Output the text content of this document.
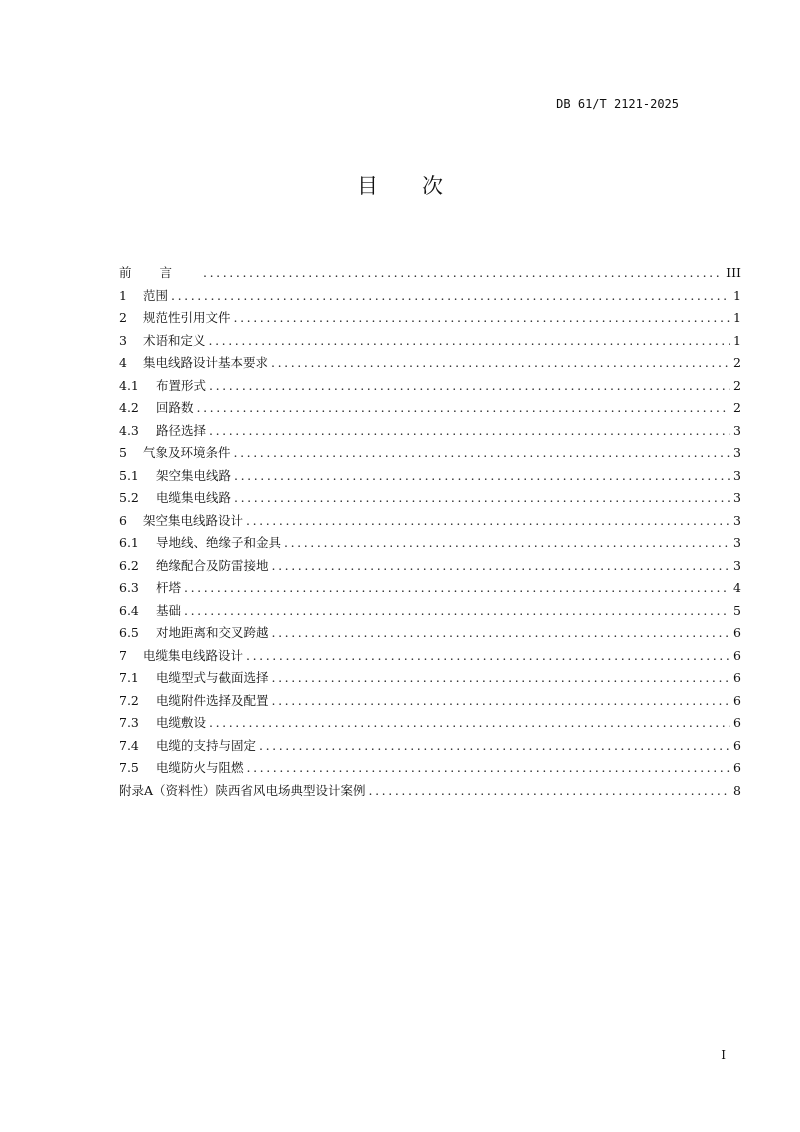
DB 61/T 2121-2025
目次
前言 .....	III
1	范围 .....	1
2	规范性引用文件 .....	1
3	术语和定义 .....	1
4	集电线路设计基本要求 .....	2
4.1	布置形式 .....	2
4.2	回路数 .....	2
4.3	路径选择 .....	3
5	气象及环境条件 .....	3
5.1	架空集电线路 .....	3
5.2	电缆集电线路 .....	3
6	架空集电线路设计 .....	3
6.1	导地线、绝缘子和金具 .....	3
6.2	绝缘配合及防雷接地 .....	3
6.3	杆塔 .....	4
6.4	基础 .....	5
6.5	对地距离和交叉跨越 .....	6
7	电缆集电线路设计 .....	6
7.1	电缆型式与截面选择 .....	6
7.2	电缆附件选择及配置 .....	6
7.3	电缆敷设 .....	6
7.4	电缆的支持与固定 .....	6
7.5	电缆防火与阻燃 .....	6
附录A（资料性）陕西省风电场典型设计案例 .....	8
I
